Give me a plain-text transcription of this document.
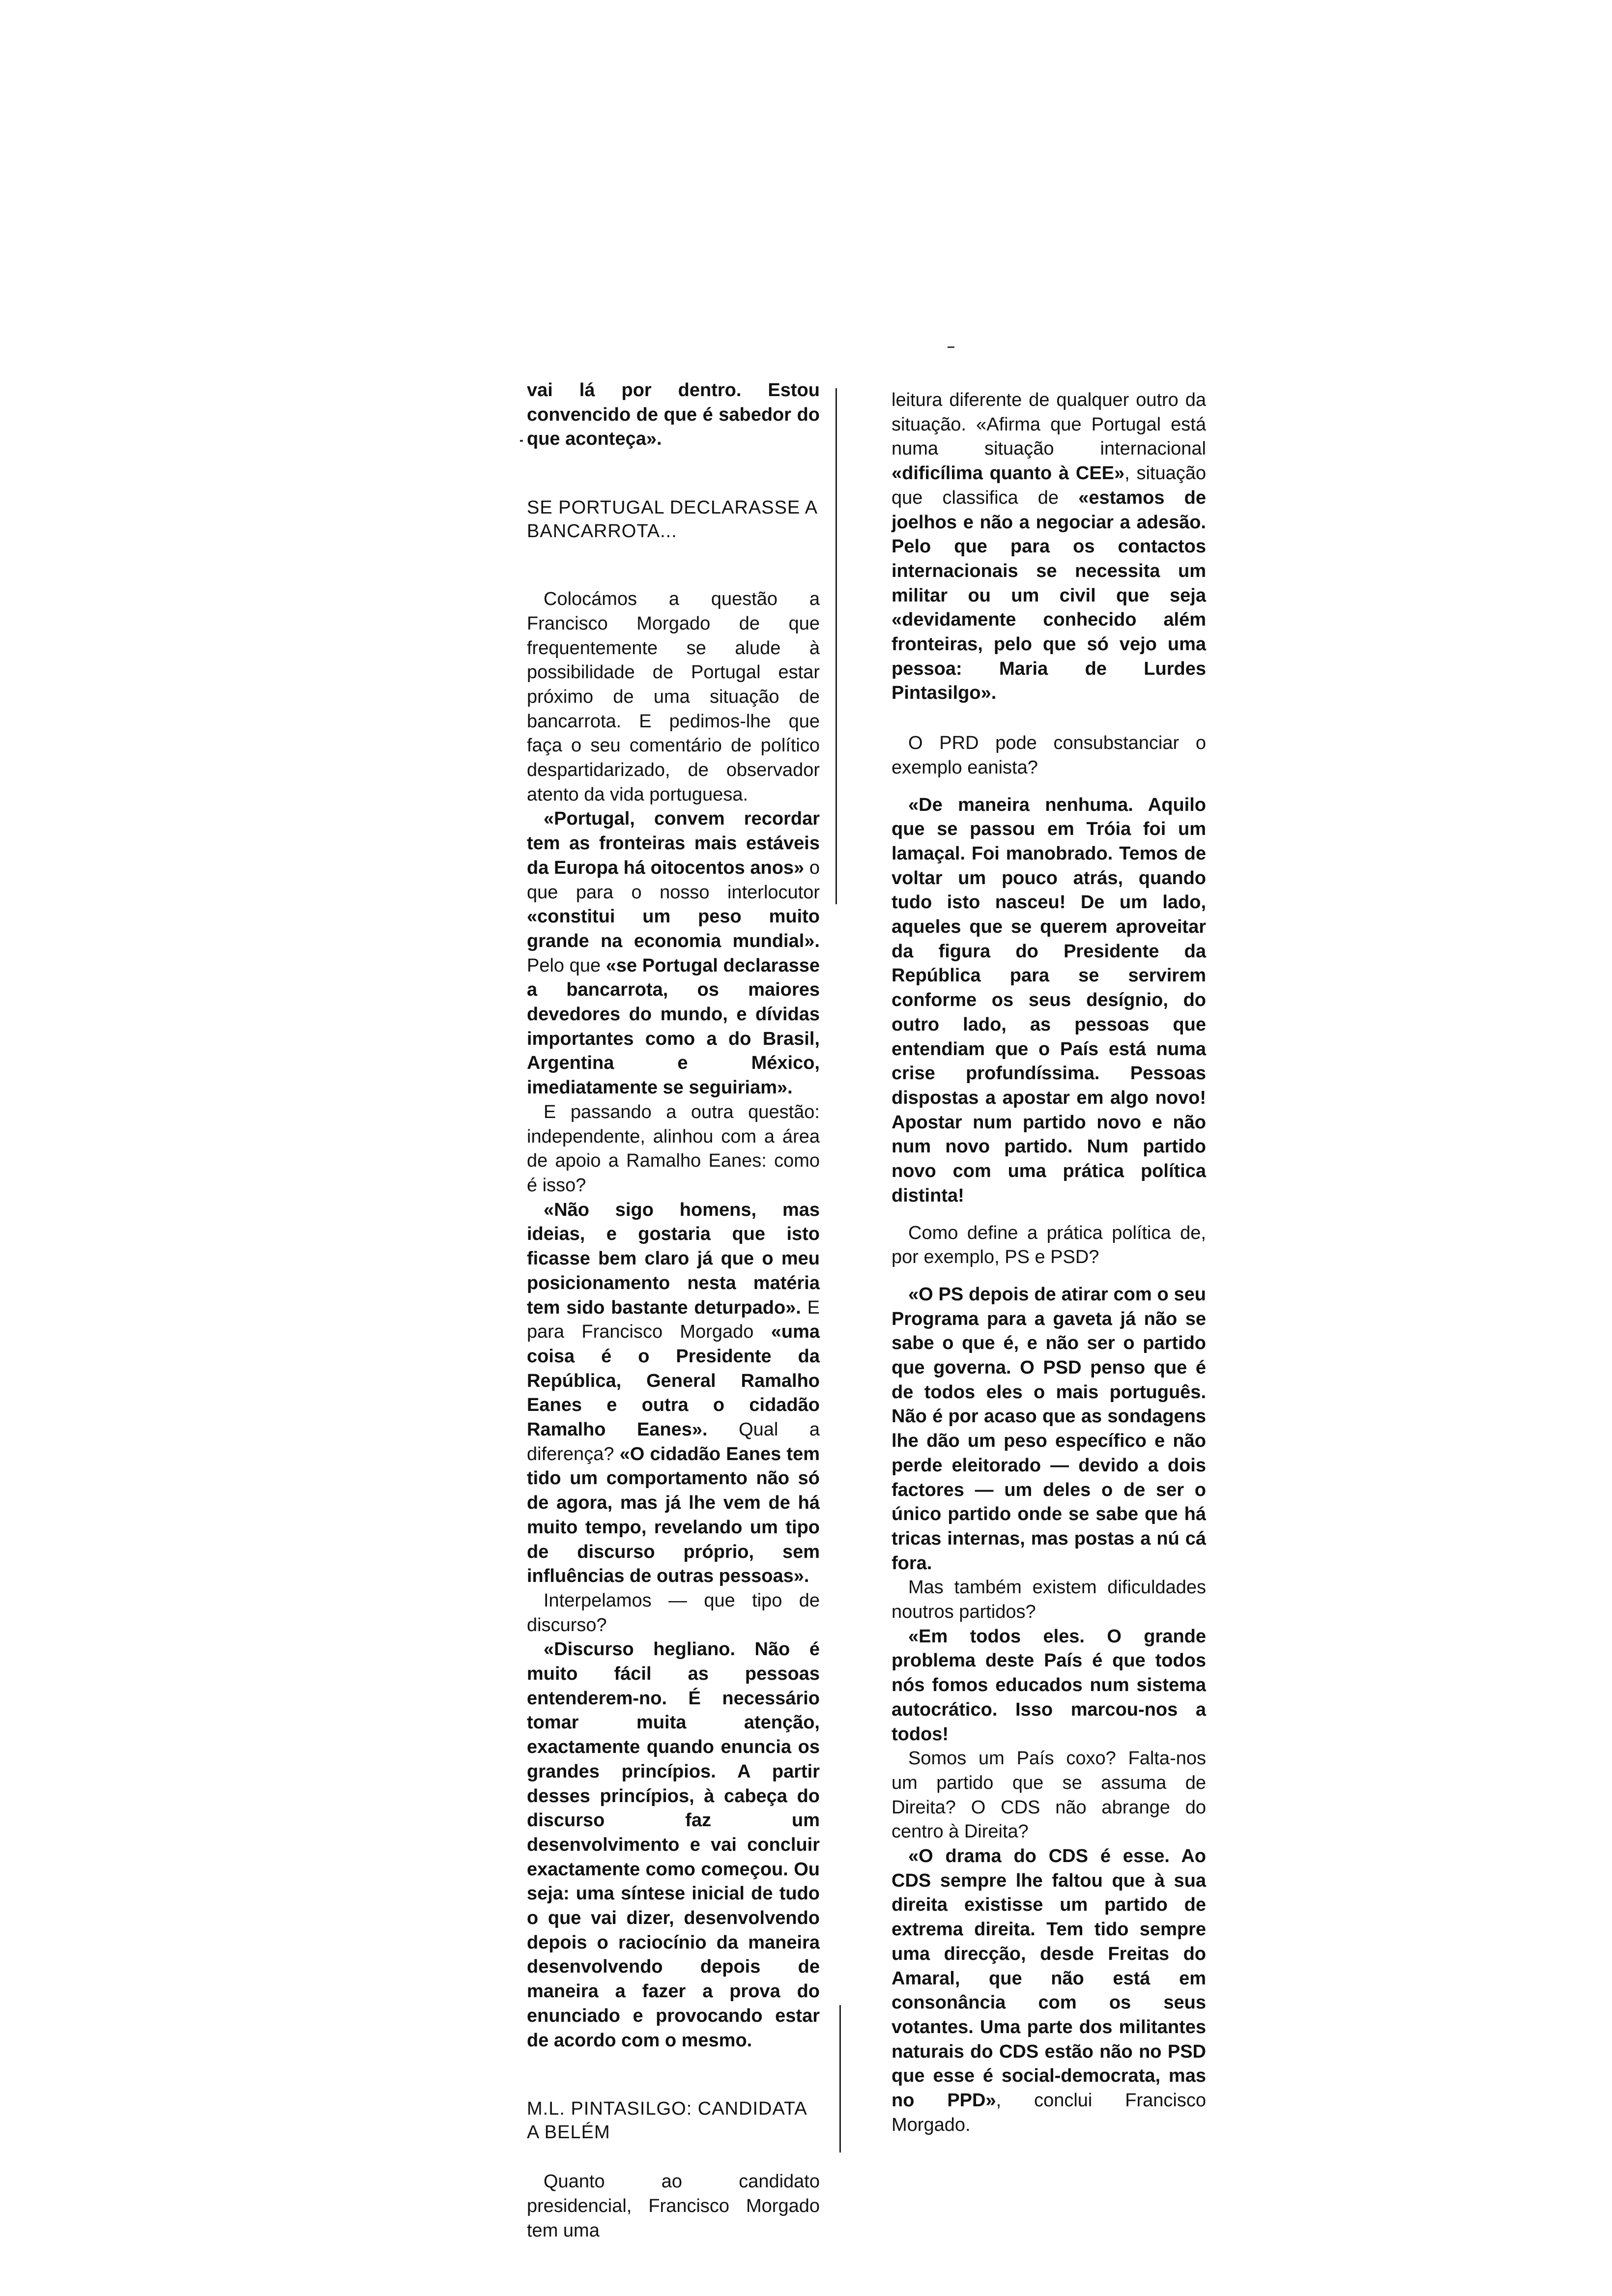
vai lá por dentro. Estou convencido de que é sabedor do que aconteça».

SE PORTUGAL DECLARASSE A BANCARROTA...

Colocámos a questão a Francisco Morgado de que frequentemente se alude à possibilidade de Portugal estar próximo de uma situação de bancarrota. E pedimos-lhe que faça o seu comentário de político despartidarizado, de observador atento da vida portuguesa.

«Portugal, convem recordar tem as fronteiras mais estáveis da Europa há oitocentos anos» o que para o nosso interlocutor «constitui um peso muito grande na economia mundial». Pelo que «se Portugal declarasse a bancarrota, os maiores devedores do mundo, e dívidas importantes como a do Brasil, Argentina e México, imediatamente se seguiriam».

E passando a outra questão: independente, alinhou com a área de apoio a Ramalho Eanes: como é isso?

«Não sigo homens, mas ideias, e gostaria que isto ficasse bem claro já que o meu posicionamento nesta matéria tem sido bastante deturpado». E para Francisco Morgado «uma coisa é o Presidente da República, General Ramalho Eanes e outra o cidadão Ramalho Eanes». Qual a diferença? «O cidadão Eanes tem tido um comportamento não só de agora, mas já lhe vem de há muito tempo, revelando um tipo de discurso próprio, sem influências de outras pessoas».

Interpelamos — que tipo de discurso?

«Discurso hegliano. Não é muito fácil as pessoas entenderem-no. É necessário tomar muita atenção, exactamente quando enuncia os grandes princípios. A partir desses princípios, à cabeça do discurso faz um desenvolvimento e vai concluir exactamente como começou. Ou seja: uma síntese inicial de tudo o que vai dizer, desenvolvendo depois o raciocínio da maneira desenvolvendo depois de maneira a fazer a prova do enunciado e provocando estar de acordo com o mesmo.

M.L. PINTASILGO: CANDIDATA A BELÉM

Quanto ao candidato presidencial, Francisco Morgado tem uma

leitura diferente de qualquer outro da situação. «Afirma que Portugal está numa situação internacional «dificílima quanto à CEE», situação que classifica de «estamos de joelhos e não a negociar a adesão. Pelo que para os contactos internacionais se necessita um militar ou um civil que seja «devidamente conhecido além fronteiras, pelo que só vejo uma pessoa: Maria de Lurdes Pintasilgo».

O PRD pode consubstanciar o exemplo eanista?

«De maneira nenhuma. Aquilo que se passou em Tróia foi um lamaçal. Foi manobrado. Temos de voltar um pouco atrás, quando tudo isto nasceu! De um lado, aqueles que se querem aproveitar da figura do Presidente da República para se servirem conforme os seus desígnio, do outro lado, as pessoas que entendiam que o País está numa crise profundíssima. Pessoas dispostas a apostar em algo novo! Apostar num partido novo e não num novo partido. Num partido novo com uma prática política distinta!

Como define a prática política de, por exemplo, PS e PSD?

«O PS depois de atirar com o seu Programa para a gaveta já não se sabe o que é, e não ser o partido que governa. O PSD penso que é de todos eles o mais português. Não é por acaso que as sondagens lhe dão um peso específico e não perde eleitorado — devido a dois factores — um deles o de ser o único partido onde se sabe que há tricas internas, mas postas a nú cá fora.

Mas também existem dificuldades noutros partidos?

«Em todos eles. O grande problema deste País é que todos nós fomos educados num sistema autocrático. Isso marcou-nos a todos!

Somos um País coxo? Falta-nos um partido que se assuma de Direita? O CDS não abrange do centro à Direita?

«O drama do CDS é esse. Ao CDS sempre lhe faltou que à sua direita existisse um partido de extrema direita. Tem tido sempre uma direcção, desde Freitas do Amaral, que não está em consonância com os seus votantes. Uma parte dos militantes naturais do CDS estão não no PSD que esse é social-democrata, mas no PPD», conclui Francisco Morgado.
